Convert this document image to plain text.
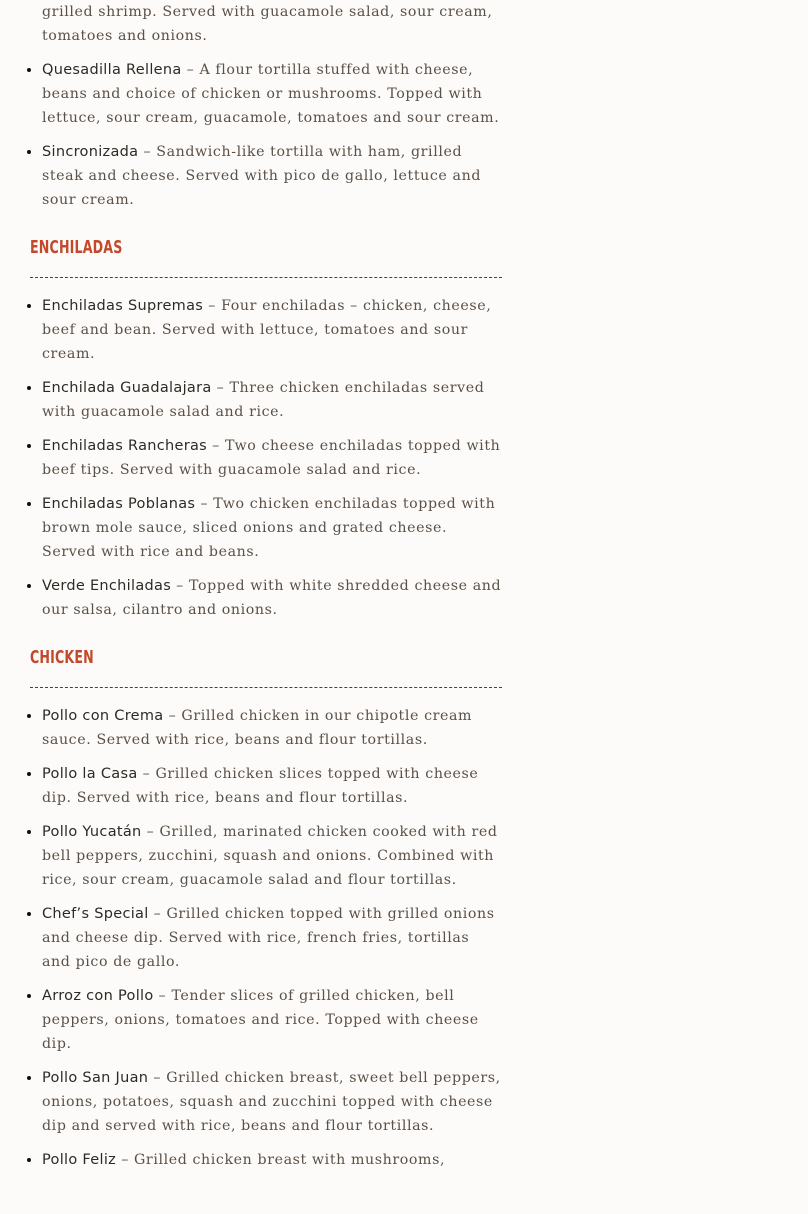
• grilled shrimp. Served with guacamole salad, sour cream, tomatoes and onions.
• Quesadilla Rellena – A flour tortilla stuffed with cheese, beans and choice of chicken or mushrooms. Topped with lettuce, sour cream, guacamole, tomatoes and sour cream.
• Sincronizada – Sandwich-like tortilla with ham, grilled steak and cheese. Served with pico de gallo, lettuce and sour cream.
ENCHILADAS
• Enchiladas Supremas – Four enchiladas – chicken, cheese, beef and bean. Served with lettuce, tomatoes and sour cream.
• Enchilada Guadalajara – Three chicken enchiladas served with guacamole salad and rice.
• Enchiladas Rancheras – Two cheese enchiladas topped with beef tips. Served with guacamole salad and rice.
• Enchiladas Poblanas – Two chicken enchiladas topped with brown mole sauce, sliced onions and grated cheese. Served with rice and beans.
• Verde Enchiladas – Topped with white shredded cheese and our salsa, cilantro and onions.
CHICKEN
• Pollo con Crema – Grilled chicken in our chipotle cream sauce. Served with rice, beans and flour tortillas.
• Pollo la Casa – Grilled chicken slices topped with cheese dip. Served with rice, beans and flour tortillas.
• Pollo Yucatán – Grilled, marinated chicken cooked with red bell peppers, zucchini, squash and onions. Combined with rice, sour cream, guacamole salad and flour tortillas.
• Chef’s Special – Grilled chicken topped with grilled onions and cheese dip. Served with rice, french fries, tortillas and pico de gallo.
• Arroz con Pollo – Tender slices of grilled chicken, bell peppers, onions, tomatoes and rice. Topped with cheese dip.
• Pollo San Juan – Grilled chicken breast, sweet bell peppers, onions, potatoes, squash and zucchini topped with cheese dip and served with rice, beans and flour tortillas.
• Pollo Feliz – Grilled chicken breast with mushrooms,
